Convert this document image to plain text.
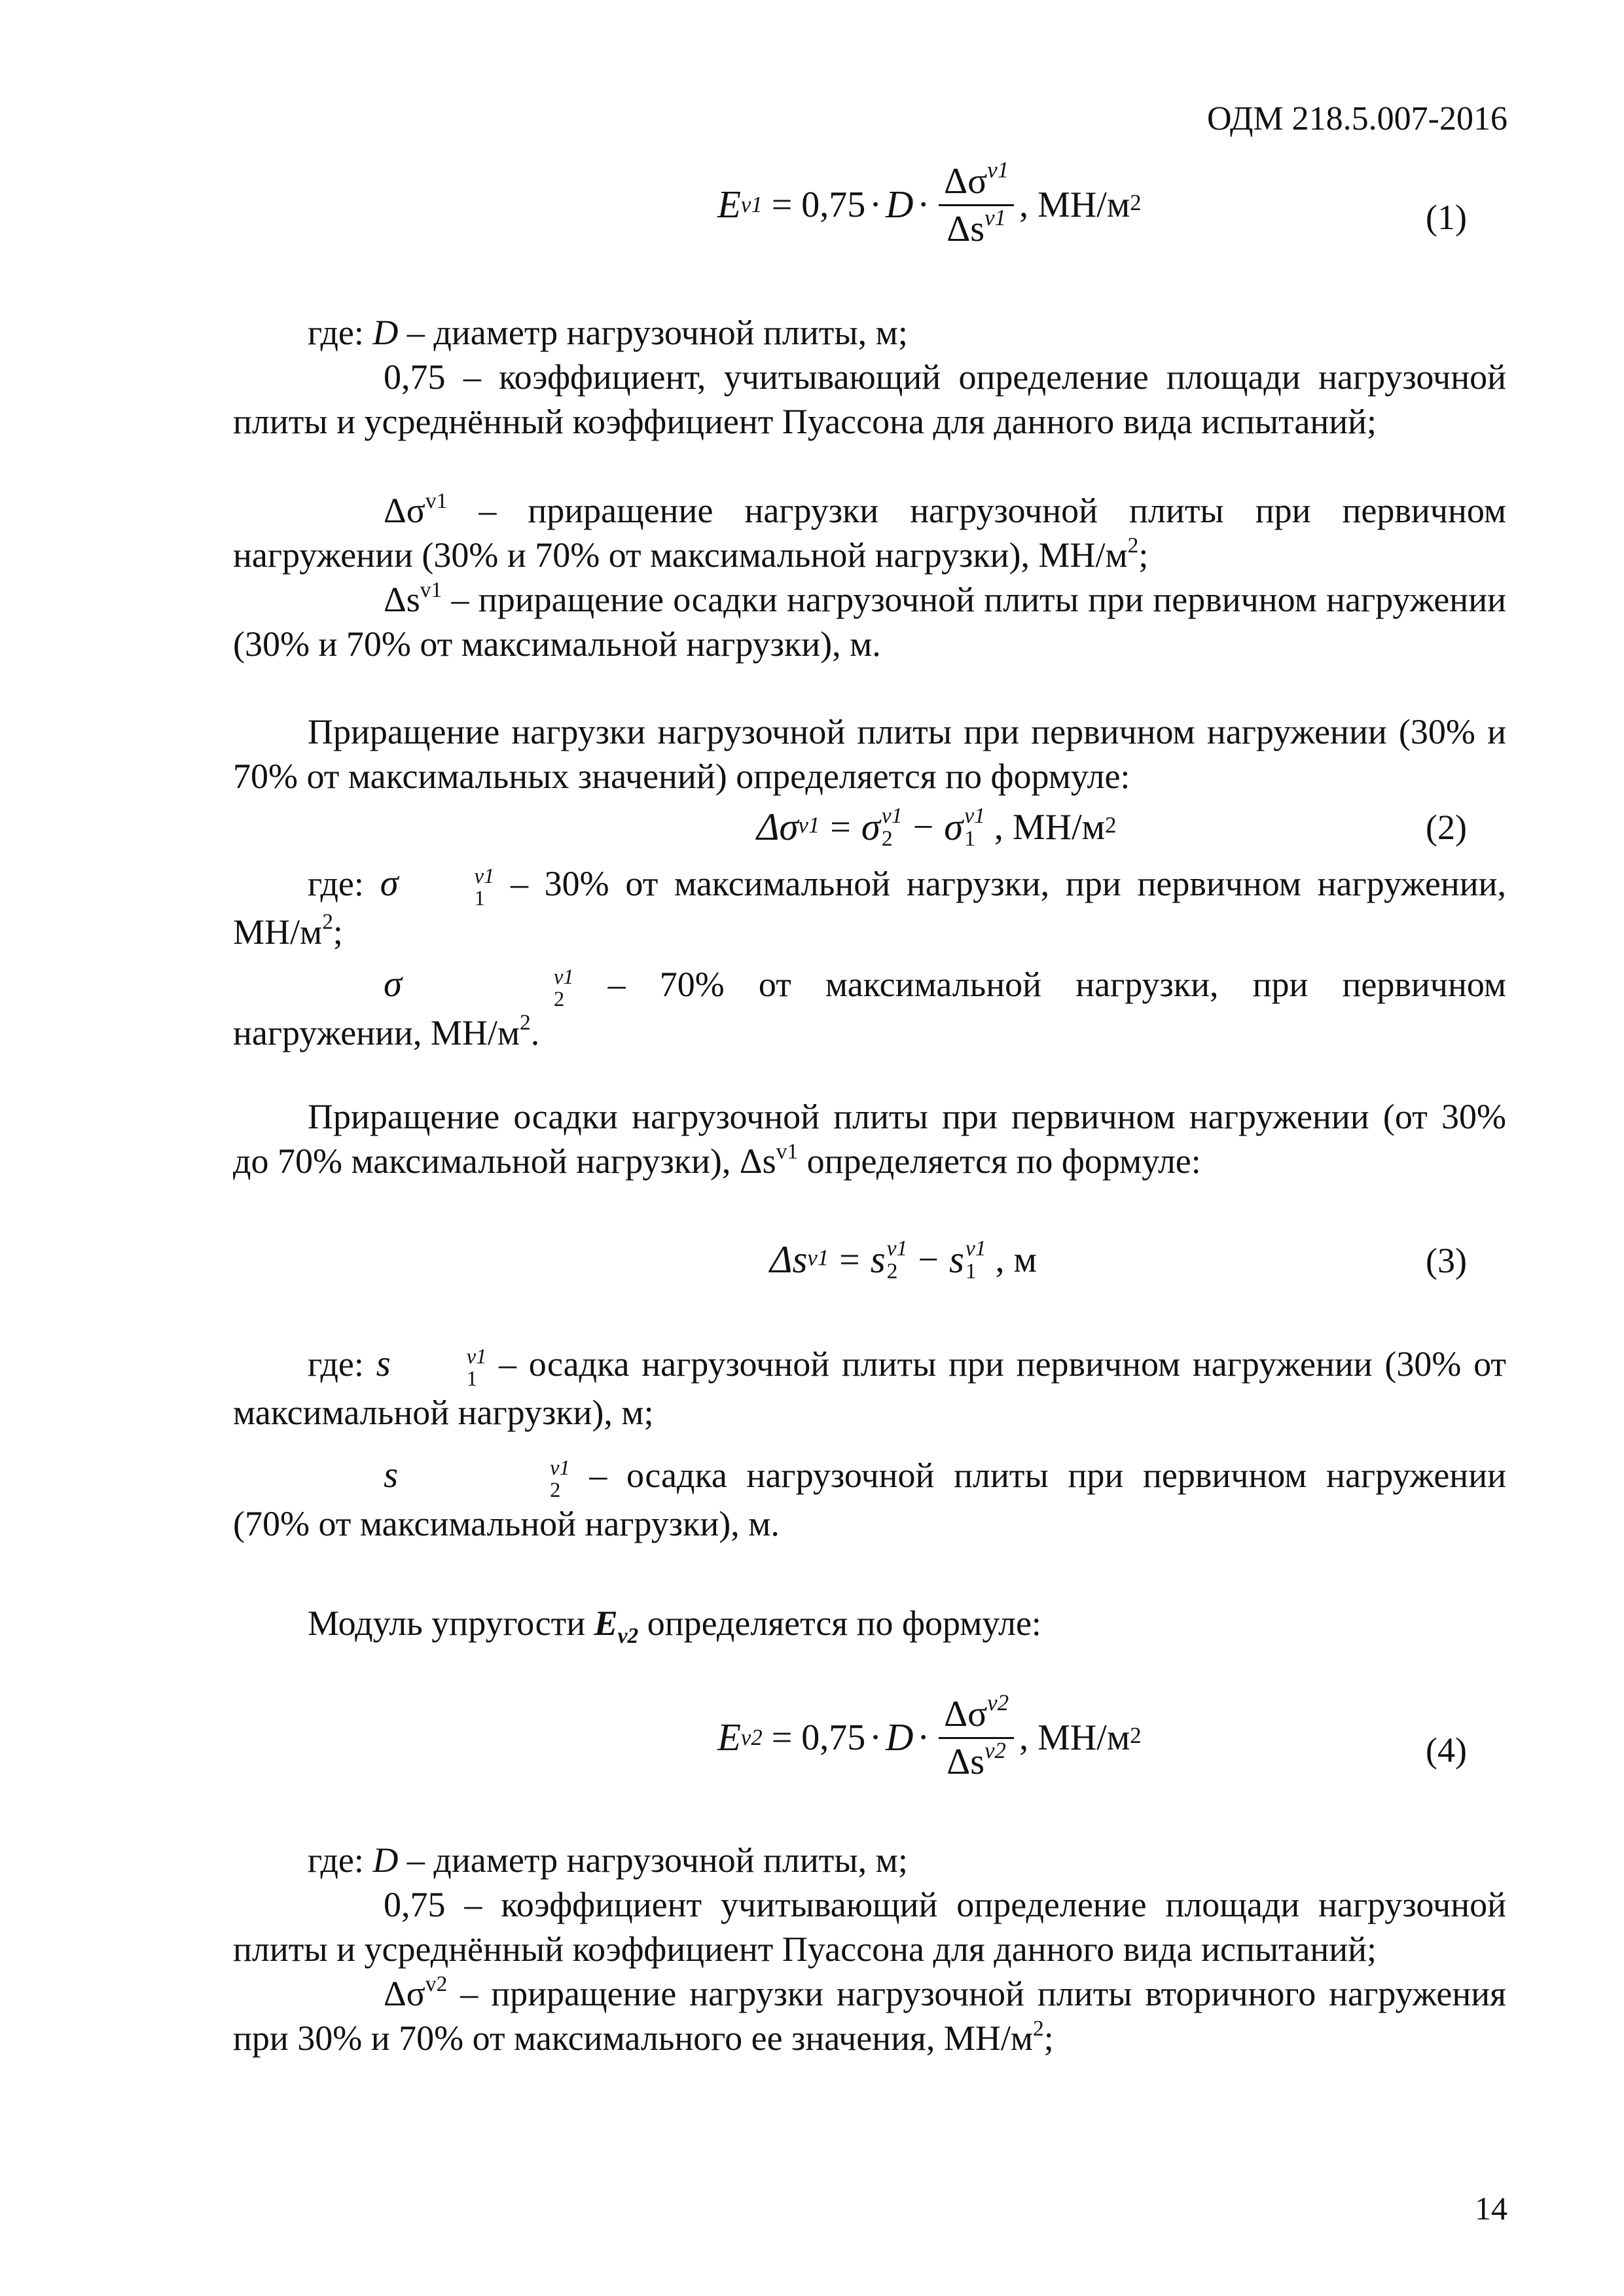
ОДМ 218.5.007-2016
E $v1 = 0,75 \cdot D \cdot \frac{\Delta\sigma^{v1}}{\Delta s^{v1}}$ , $МН/м^2$	(1)
где: D – диаметр нагрузочной плиты, м;
0,75 – коэффициент, учитывающий определение площади нагрузочной плиты и усреднённый коэффициент Пуассона для данного вида испытаний;
$\Delta\sigma^{v1}$ – приращение нагрузки нагрузочной плиты при первичном нагружении (30% и 70% от максимальной нагрузки), $МН/м^2$;
$\Delta s^{v1}$ – приращение осадки нагрузочной плиты при первичном нагружении (30% и 70% от максимальной нагрузки), м.
Приращение нагрузки нагрузочной плиты при первичном нагружении (30% и 70% от максимальных значений) определяется по формуле:
$\Delta\sigma^{v1} = \sigma$ v1
2 − σ v1
1 , $МН/м^2$	(2)
где: σ	v1
1 – 30% от максимальной нагрузки, при первичном нагружении, $МН/м^2$;
σ	v1
2 – 70% от максимальной нагрузки, при первичном нагружении, $МН/м^2$.
Приращение осадки нагрузочной плиты при первичном нагружении (от 30% до 70% максимальной нагрузки), $\Delta s^{v1}$ определяется по формуле:
$\Delta s^{v1} = s$ v1
2 − s v1
1 , м	(3)
где: s	v1
1 – осадка нагрузочной плиты при первичном нагружении (30% от максимальной нагрузки), м;
s	v1
2 – осадка нагрузочной плиты при первичном нагружении (70% от максимальной нагрузки), м.
Модуль упругости $E_{v2}$ определяется по формуле:
E $v2 = 0,75 \cdot D \cdot \frac{\Delta\sigma^{v2}}{\Delta s^{v2}}$ , $МН/м^2$	(4)
где: D – диаметр нагрузочной плиты, м;
0,75 – коэффициент учитывающий определение площади нагрузочной плиты и усреднённый коэффициент Пуассона для данного вида испытаний;
$\Delta\sigma^{v2}$ – приращение нагрузки нагрузочной плиты вторичного нагружения при 30% и 70% от максимального ее значения, $МН/м^2$;
14
